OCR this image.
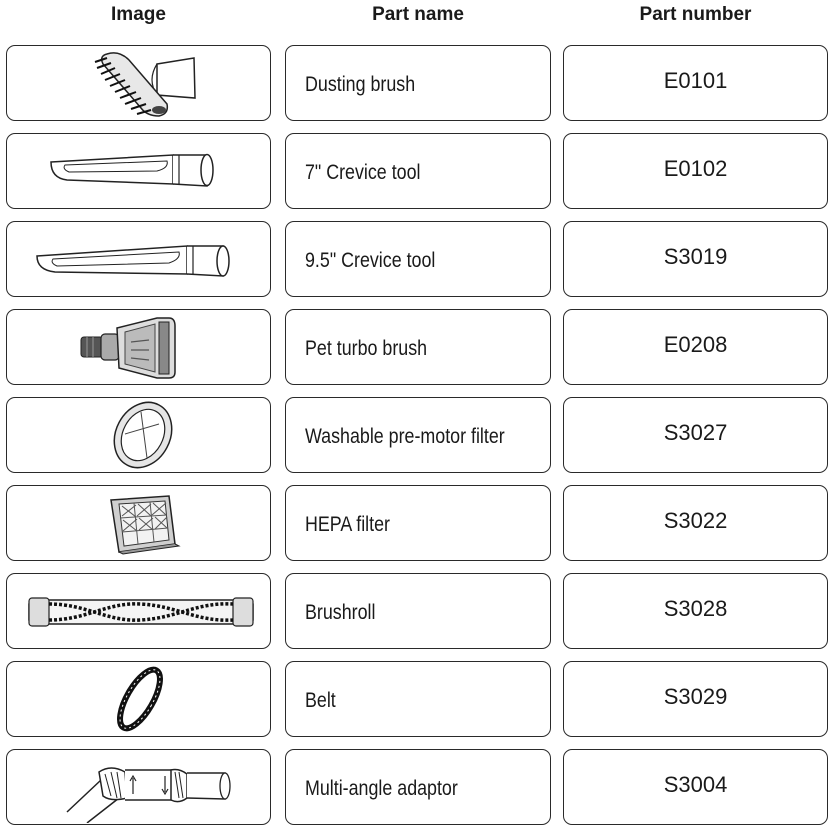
Image	Part name	Part number
Dusting brush	E0101
7" Crevice tool	E0102
9.5" Crevice tool	S3019
Pet turbo brush	E0208
Washable pre-motor filter	S3027
HEPA filter	S3022
Brushroll	S3028
Belt	S3029
Multi-angle adaptor	S3004
